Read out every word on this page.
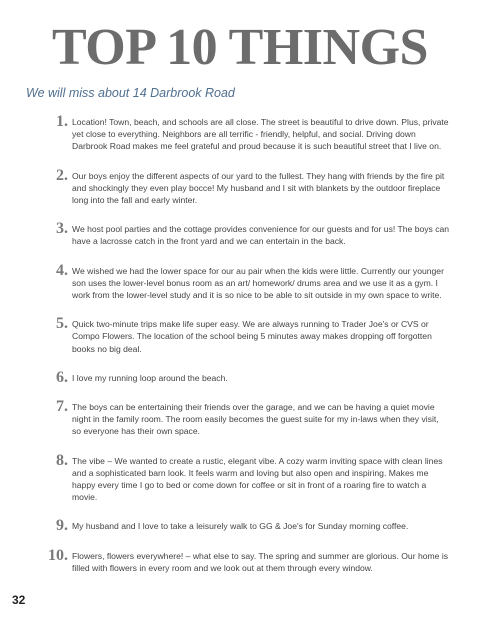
TOP 10 THINGS
We will miss about 14 Darbrook Road
1. Location! Town, beach, and schools are all close. The street is beautiful to drive down. Plus, private yet close to everything. Neighbors are all terrific - friendly, helpful, and social. Driving down Darbrook Road makes me feel grateful and proud because it is such beautiful street that I live on.
2. Our boys enjoy the different aspects of our yard to the fullest. They hang with friends by the fire pit and shockingly they even play bocce! My husband and I sit with blankets by the outdoor fireplace long into the fall and early winter.
3. We host pool parties and the cottage provides convenience for our guests and for us! The boys can have a lacrosse catch in the front yard and we can entertain in the back.
4. We wished we had the lower space for our au pair when the kids were little. Currently our younger son uses the lower-level bonus room as an art/ homework/ drums area and we use it as a gym. I work from the lower-level study and it is so nice to be able to sit outside in my own space to write.
5. Quick two-minute trips make life super easy. We are always running to Trader Joe's or CVS or Compo Flowers. The location of the school being 5 minutes away makes dropping off forgotten books no big deal.
6. I love my running loop around the beach.
7. The boys can be entertaining their friends over the garage, and we can be having a quiet movie night in the family room. The room easily becomes the guest suite for my in-laws when they visit, so everyone has their own space.
8. The vibe – We wanted to create a rustic, elegant vibe. A cozy warm inviting space with clean lines and a sophisticated barn look. It feels warm and loving but also open and inspiring. Makes me happy every time I go to bed or come down for coffee or sit in front of a roaring fire to watch a movie.
9. My husband and I love to take a leisurely walk to GG & Joe's for Sunday morning coffee.
10. Flowers, flowers everywhere! – what else to say. The spring and summer are glorious. Our home is filled with flowers in every room and we look out at them through every window.
32
